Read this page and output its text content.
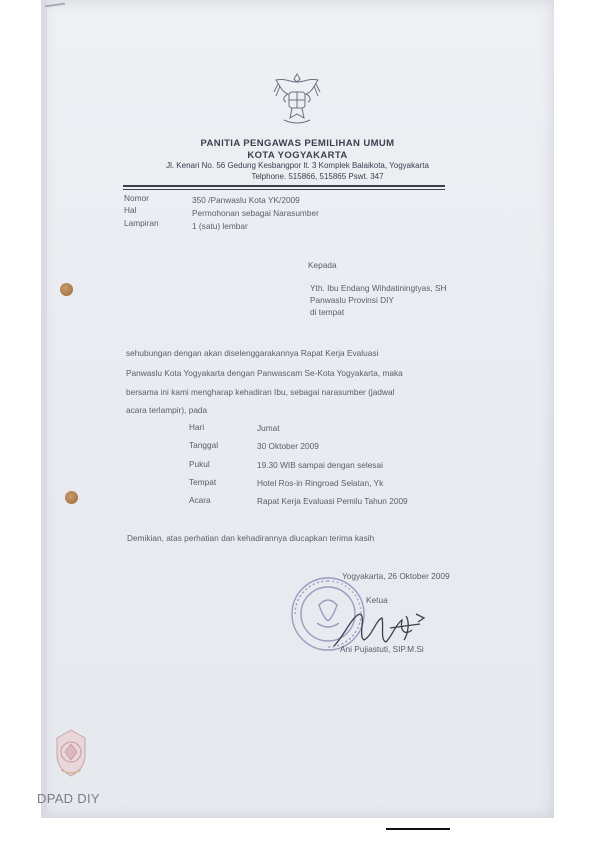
PANITIA PENGAWAS PEMILIHAN UMUM
KOTA YOGYAKARTA
Jl. Kenari No. 56 Gedung Kesbangpor lt. 3 Komplek Balaikota, Yogyakarta
Telphone. 515866, 515865 Pswt. 347
Nomor	350 /Panwaslu Kota YK/2009
Hal	Permohonan sebagai Narasumber
Lampiran	1 (satu) lembar
Kepada
Yth. Ibu Endang Wihdatiningtyas, SH
Panwaslu Provinsi DIY
di tempat
sehubungan dengan akan diselenggarakannya Rapat Kerja Evaluasi
Panwaslu Kota Yogyakarta dengan Panwascam Se-Kota Yogyakarta, maka
bersama ini kami mengharap kehadiran Ibu, sebagai narasumber (jadwal
acara terlampir), pada
Hari	Jumat
Tanggal	30 Oktober 2009
Pukul	19.30 WIB sampai dengan selesai
Tempat	Hotel Ros-in Ringroad Selatan, Yk
Acara	Rapat Kerja Evaluasi Pemilu Tahun 2009
Demikian, atas perhatian dan kehadirannya diucapkan terima kasih
Yogyakarta, 26 Oktober 2009
Ketua
Ani Pujiastuti, SIP.M.Si
DPAD DIY
